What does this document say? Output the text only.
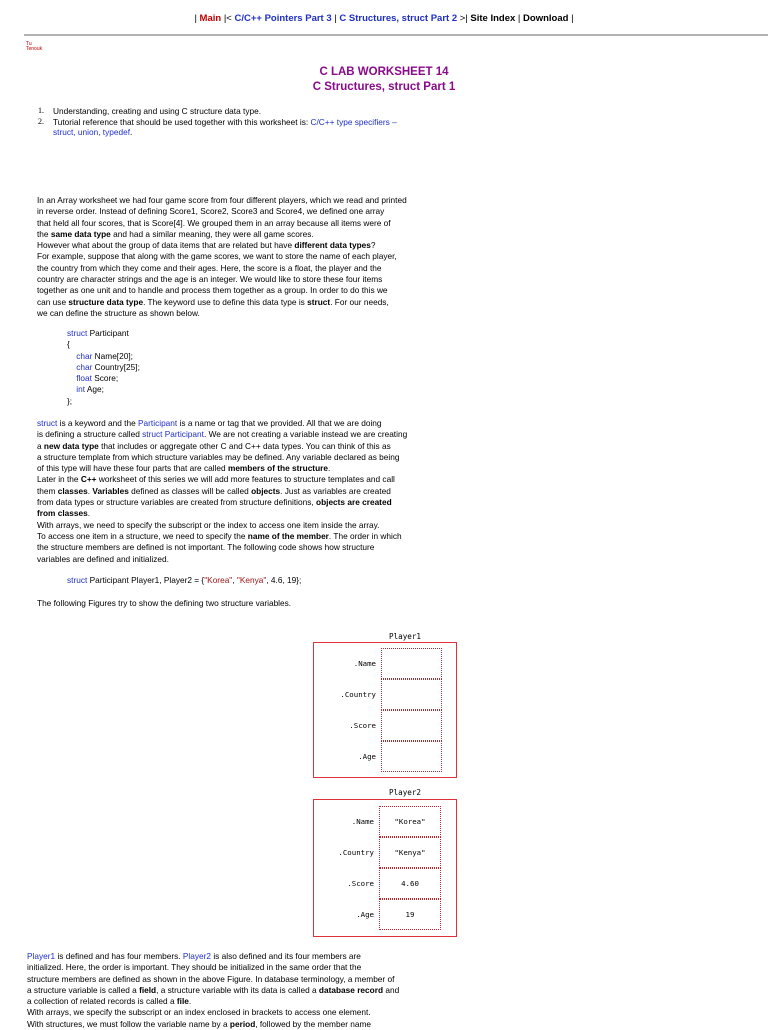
| Main |< C/C++ Pointers Part 3 | C Structures, struct Part 2 >| Site Index | Download |
Tu
Tenouk
C LAB WORKSHEET 14
C Structures, struct Part 1
1.	Understanding, creating and using C structure data type.
2.	Tutorial reference that should be used together with this worksheet is: C/C++ type specifiers –
struct, union, typedef.
In an Array worksheet we had four game score from four different players, which we read and printed
in reverse order. Instead of defining Score1, Score2, Score3 and Score4, we defined one array
that held all four scores, that is Score[4]. We grouped them in an array because all items were of
the same data type and had a similar meaning, they were all game scores.
However what about the group of data items that are related but have different data types?
For example, suppose that along with the game scores, we want to store the name of each player,
the country from which they come and their ages. Here, the score is a float, the player and the
country are character strings and the age is an integer. We would like to store these four items
together as one unit and to handle and process them together as a group. In order to do this we
can use structure data type. The keyword use to define this data type is struct. For our needs,
we can define the structure as shown below.
struct Participant
{
char Name[20];
char Country[25];
float Score;
int Age;
};
struct is a keyword and the Participant is a name or tag that we provided. All that we are doing
is defining a structure called struct Participant. We are not creating a variable instead we are creating
a new data type that includes or aggregate other C and C++ data types. You can think of this as
a structure template from which structure variables may be defined. Any variable declared as being
of this type will have these four parts that are called members of the structure.
Later in the C++ worksheet of this series we will add more features to structure templates and call
them classes. Variables defined as classes will be called objects. Just as variables are created
from data types or structure variables are created from structure definitions, objects are created
from classes.
With arrays, we need to specify the subscript or the index to access one item inside the array.
To access one item in a structure, we need to specify the name of the member. The order in which
the structure members are defined is not important. The following code shows how structure
variables are defined and initialized.
struct Participant Player1, Player2 = {"Korea", "Kenya", 4.6, 19};
The following Figures try to show the defining two structure variables.
Player1
.Name
.Country
.Score
.Age
Player2
.Name
.Country
.Score
.Age
"Korea"
"Kenya"
4.60
19
Player1 is defined and has four members. Player2 is also defined and its four members are
initialized. Here, the order is important. They should be initialized in the same order that the
structure members are defined as shown in the above Figure. In database terminology, a member of
a structure variable is called a field, a structure variable with its data is called a database record and
a collection of related records is called a file.
With arrays, we specify the subscript or an index enclosed in brackets to access one element.
With structures, we must follow the variable name by a period, followed by the member name
